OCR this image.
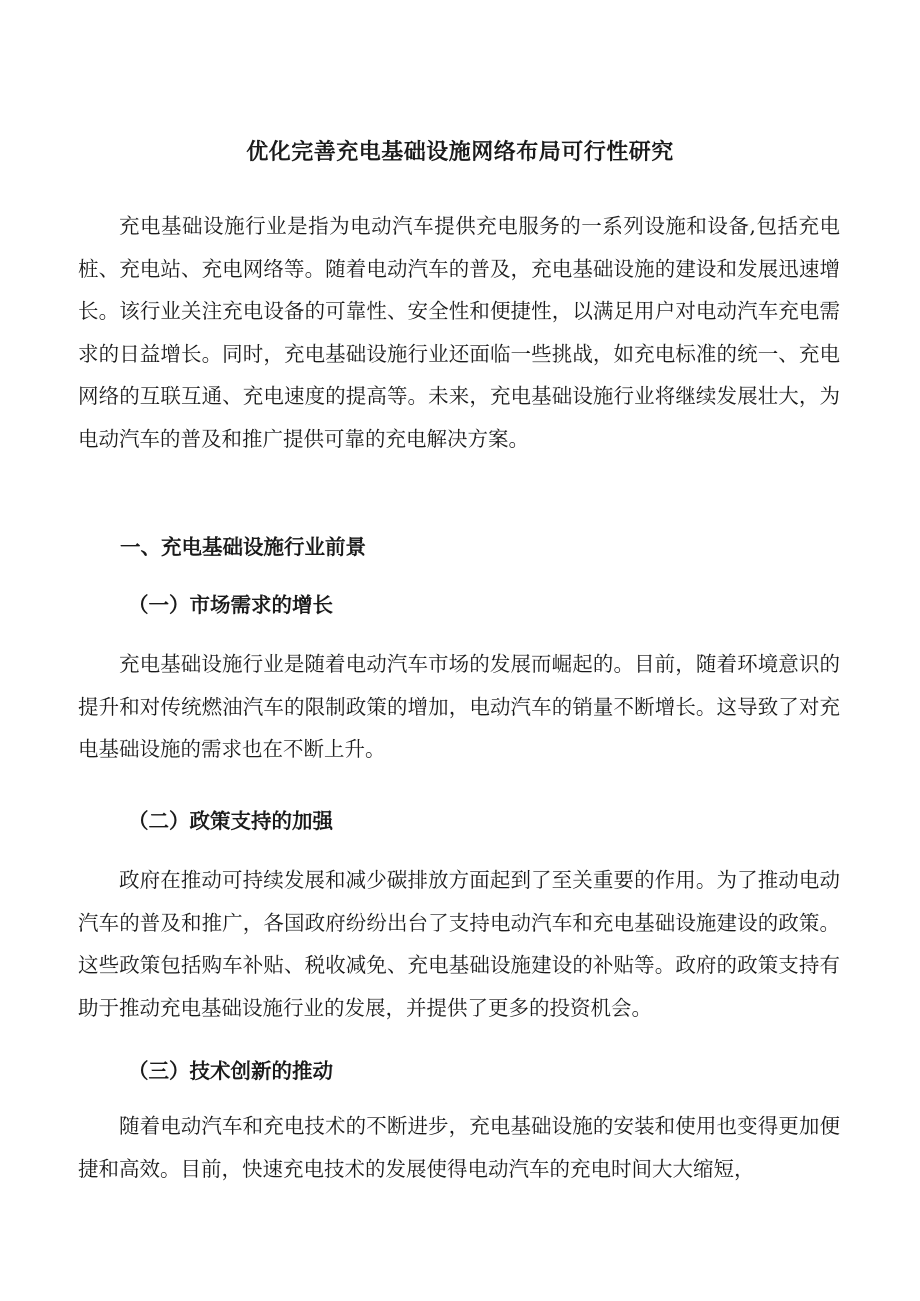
优化完善充电基础设施网络布局可行性研究

充电基础设施行业是指为电动汽车提供充电服务的一系列设施和设备,包括充电桩、充电站、充电网络等。随着电动汽车的普及，充电基础设施的建设和发展迅速增长。该行业关注充电设备的可靠性、安全性和便捷性，以满足用户对电动汽车充电需求的日益增长。同时，充电基础设施行业还面临一些挑战，如充电标准的统一、充电网络的互联互通、充电速度的提高等。未来，充电基础设施行业将继续发展壮大，为电动汽车的普及和推广提供可靠的充电解决方案。

一、充电基础设施行业前景
（一）市场需求的增长

充电基础设施行业是随着电动汽车市场的发展而崛起的。目前，随着环境意识的提升和对传统燃油汽车的限制政策的增加，电动汽车的销量不断增长。这导致了对充电基础设施的需求也在不断上升。

（二）政策支持的加强

政府在推动可持续发展和减少碳排放方面起到了至关重要的作用。为了推动电动汽车的普及和推广，各国政府纷纷出台了支持电动汽车和充电基础设施建设的政策。这些政策包括购车补贴、税收减免、充电基础设施建设的补贴等。政府的政策支持有助于推动充电基础设施行业的发展，并提供了更多的投资机会。

（三）技术创新的推动

随着电动汽车和充电技术的不断进步，充电基础设施的安装和使用也变得更加便捷和高效。目前，快速充电技术的发展使得电动汽车的充电时间大大缩短，
